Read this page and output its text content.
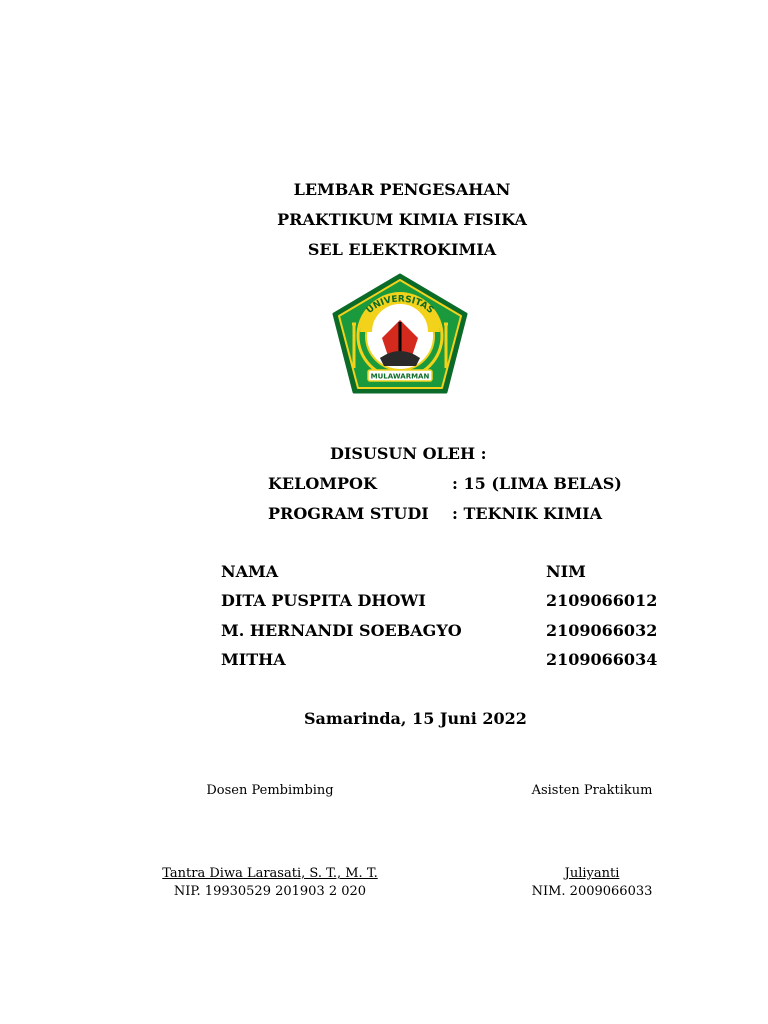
LEMBAR PENGESAHAN
PRAKTIKUM KIMIA FISIKA
SEL ELEKTROKIMIA
UNIVERSITAS
MULAWARMAN
DISUSUN OLEH :
KELOMPOK	: 15 (LIMA BELAS)
PROGRAM STUDI : TEKNIK KIMIA
NAMA	NIM
DITA PUSPITA DHOWI	2109066012
M. HERNANDI SOEBAGYO	2109066032
MITHA	2109066034
Samarinda, 15 Juni 2022
Dosen Pembimbing	Asisten Praktikum
Tantra Diwa Larasati, S. T., M. T.	Juliyanti
NIP. 19930529 201903 2 020	NIM. 2009066033
